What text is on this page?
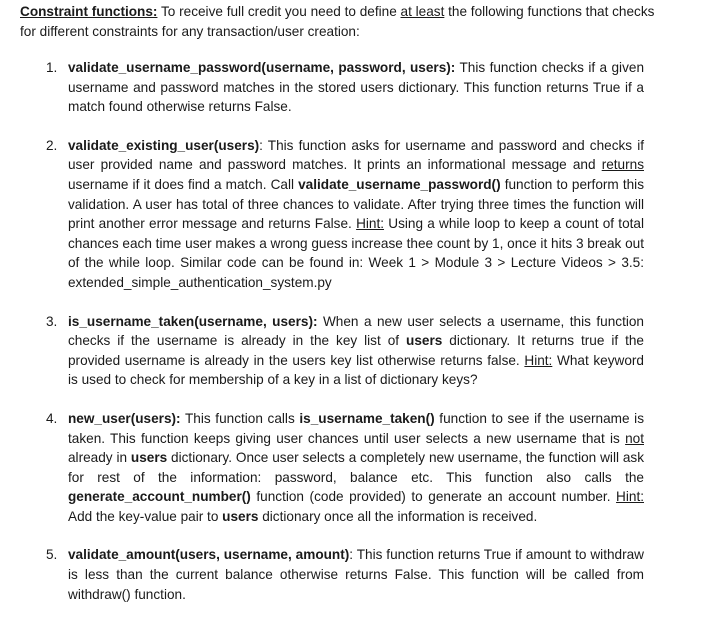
Constraint functions: To receive full credit you need to define at least the following functions that checks for different constraints for any transaction/user creation:

1. validate_username_password(username, password, users): This function checks if a given username and password matches in the stored users dictionary. This function returns True if a match found otherwise returns False.
2. validate_existing_user(users): This function asks for username and password and checks if user provided name and password matches. It prints an informational message and returns username if it does find a match. Call validate_username_password() function to perform this validation. A user has total of three chances to validate. After trying three times the function will print another error message and returns False. Hint: Using a while loop to keep a count of total chances each time user makes a wrong guess increase thee count by 1, once it hits 3 break out of the while loop. Similar code can be found in: Week 1 > Module 3 > Lecture Videos > 3.5: extended_simple_authentication_system.py
3. is_username_taken(username, users): When a new user selects a username, this function checks if the username is already in the key list of users dictionary. It returns true if the provided username is already in the users key list otherwise returns false. Hint: What keyword is used to check for membership of a key in a list of dictionary keys?
4. new_user(users): This function calls is_username_taken() function to see if the username is taken. This function keeps giving user chances until user selects a new username that is not already in users dictionary. Once user selects a completely new username, the function will ask for rest of the information: password, balance etc. This function also calls the generate_account_number() function (code provided) to generate an account number. Hint: Add the key-value pair to users dictionary once all the information is received.
5. validate_amount(users, username, amount): This function returns True if amount to withdraw is less than the current balance otherwise returns False. This function will be called from withdraw() function.
